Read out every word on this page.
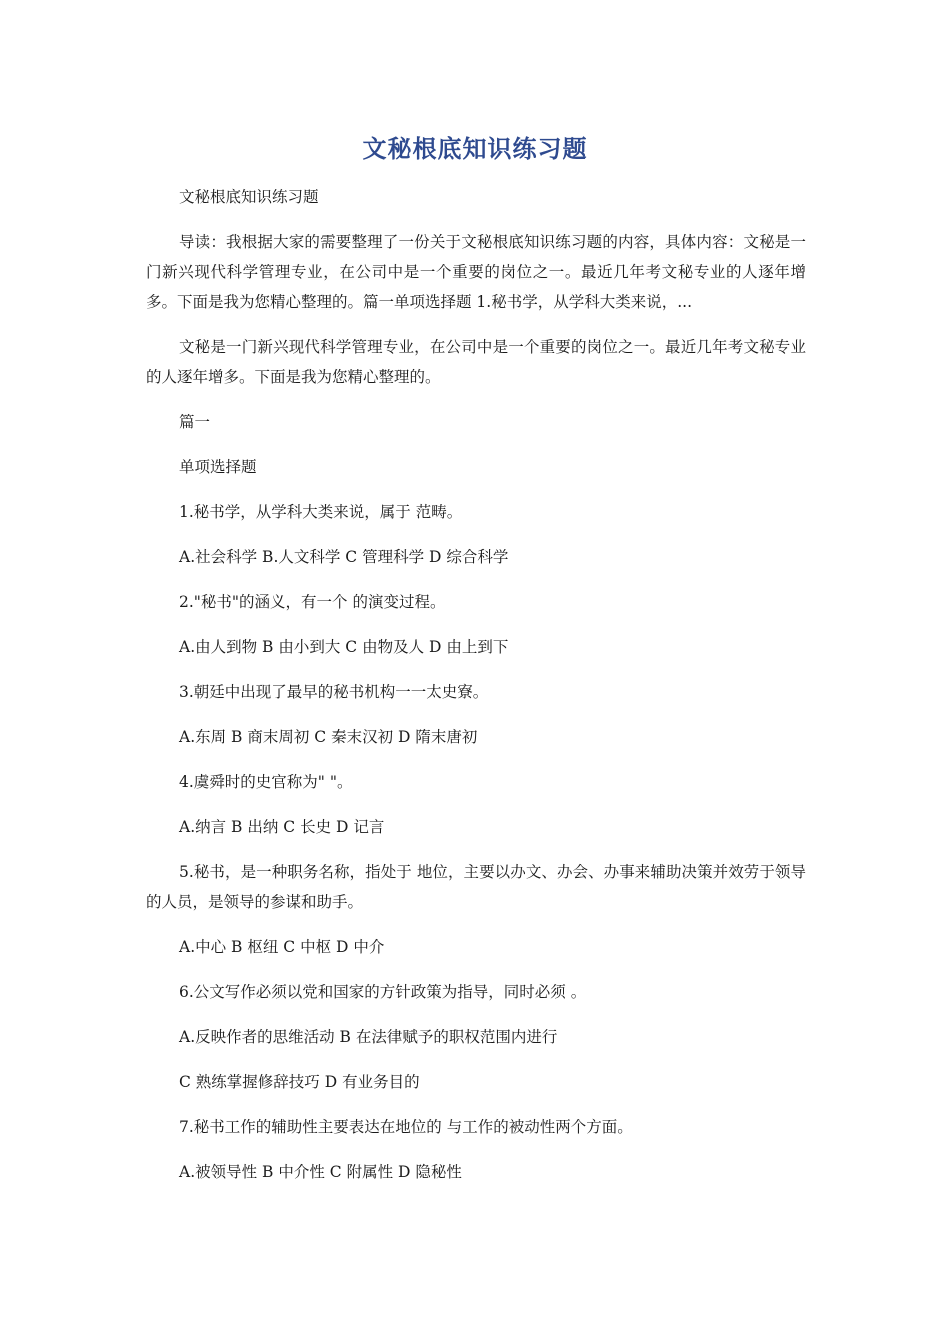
文秘根底知识练习题

文秘根底知识练习题

导读：我根据大家的需要整理了一份关于文秘根底知识练习题的内容，具体内容：文秘是一门新兴现代科学管理专业，在公司中是一个重要的岗位之一。最近几年考文秘专业的人逐年增多。下面是我为您精心整理的。篇一单项选择题 1.秘书学，从学科大类来说，...

文秘是一门新兴现代科学管理专业，在公司中是一个重要的岗位之一。最近几年考文秘专业的人逐年增多。下面是我为您精心整理的。

篇一

单项选择题

1.秘书学，从学科大类来说，属于 范畴。

A.社会科学 B.人文科学 C 管理科学 D 综合科学

2."秘书"的涵义，有一个 的演变过程。

A.由人到物 B 由小到大 C 由物及人 D 由上到下

3.朝廷中出现了最早的秘书机构一一太史寮。

A.东周 B 商末周初 C 秦末汉初 D 隋末唐初

4.虞舜时的史官称为" "。

A.纳言 B 出纳 C 长史 D 记言

5.秘书，是一种职务名称，指处于 地位，主要以办文、办会、办事来辅助决策并效劳于领导的人员，是领导的参谋和助手。

A.中心 B 枢纽 C 中枢 D 中介

6.公文写作必须以党和国家的方针政策为指导，同时必须 。

A.反映作者的思维活动 B 在法律赋予的职权范围内进行

C 熟练掌握修辞技巧 D 有业务目的

7.秘书工作的辅助性主要表达在地位的 与工作的被动性两个方面。

A.被领导性 B 中介性 C 附属性 D 隐秘性
